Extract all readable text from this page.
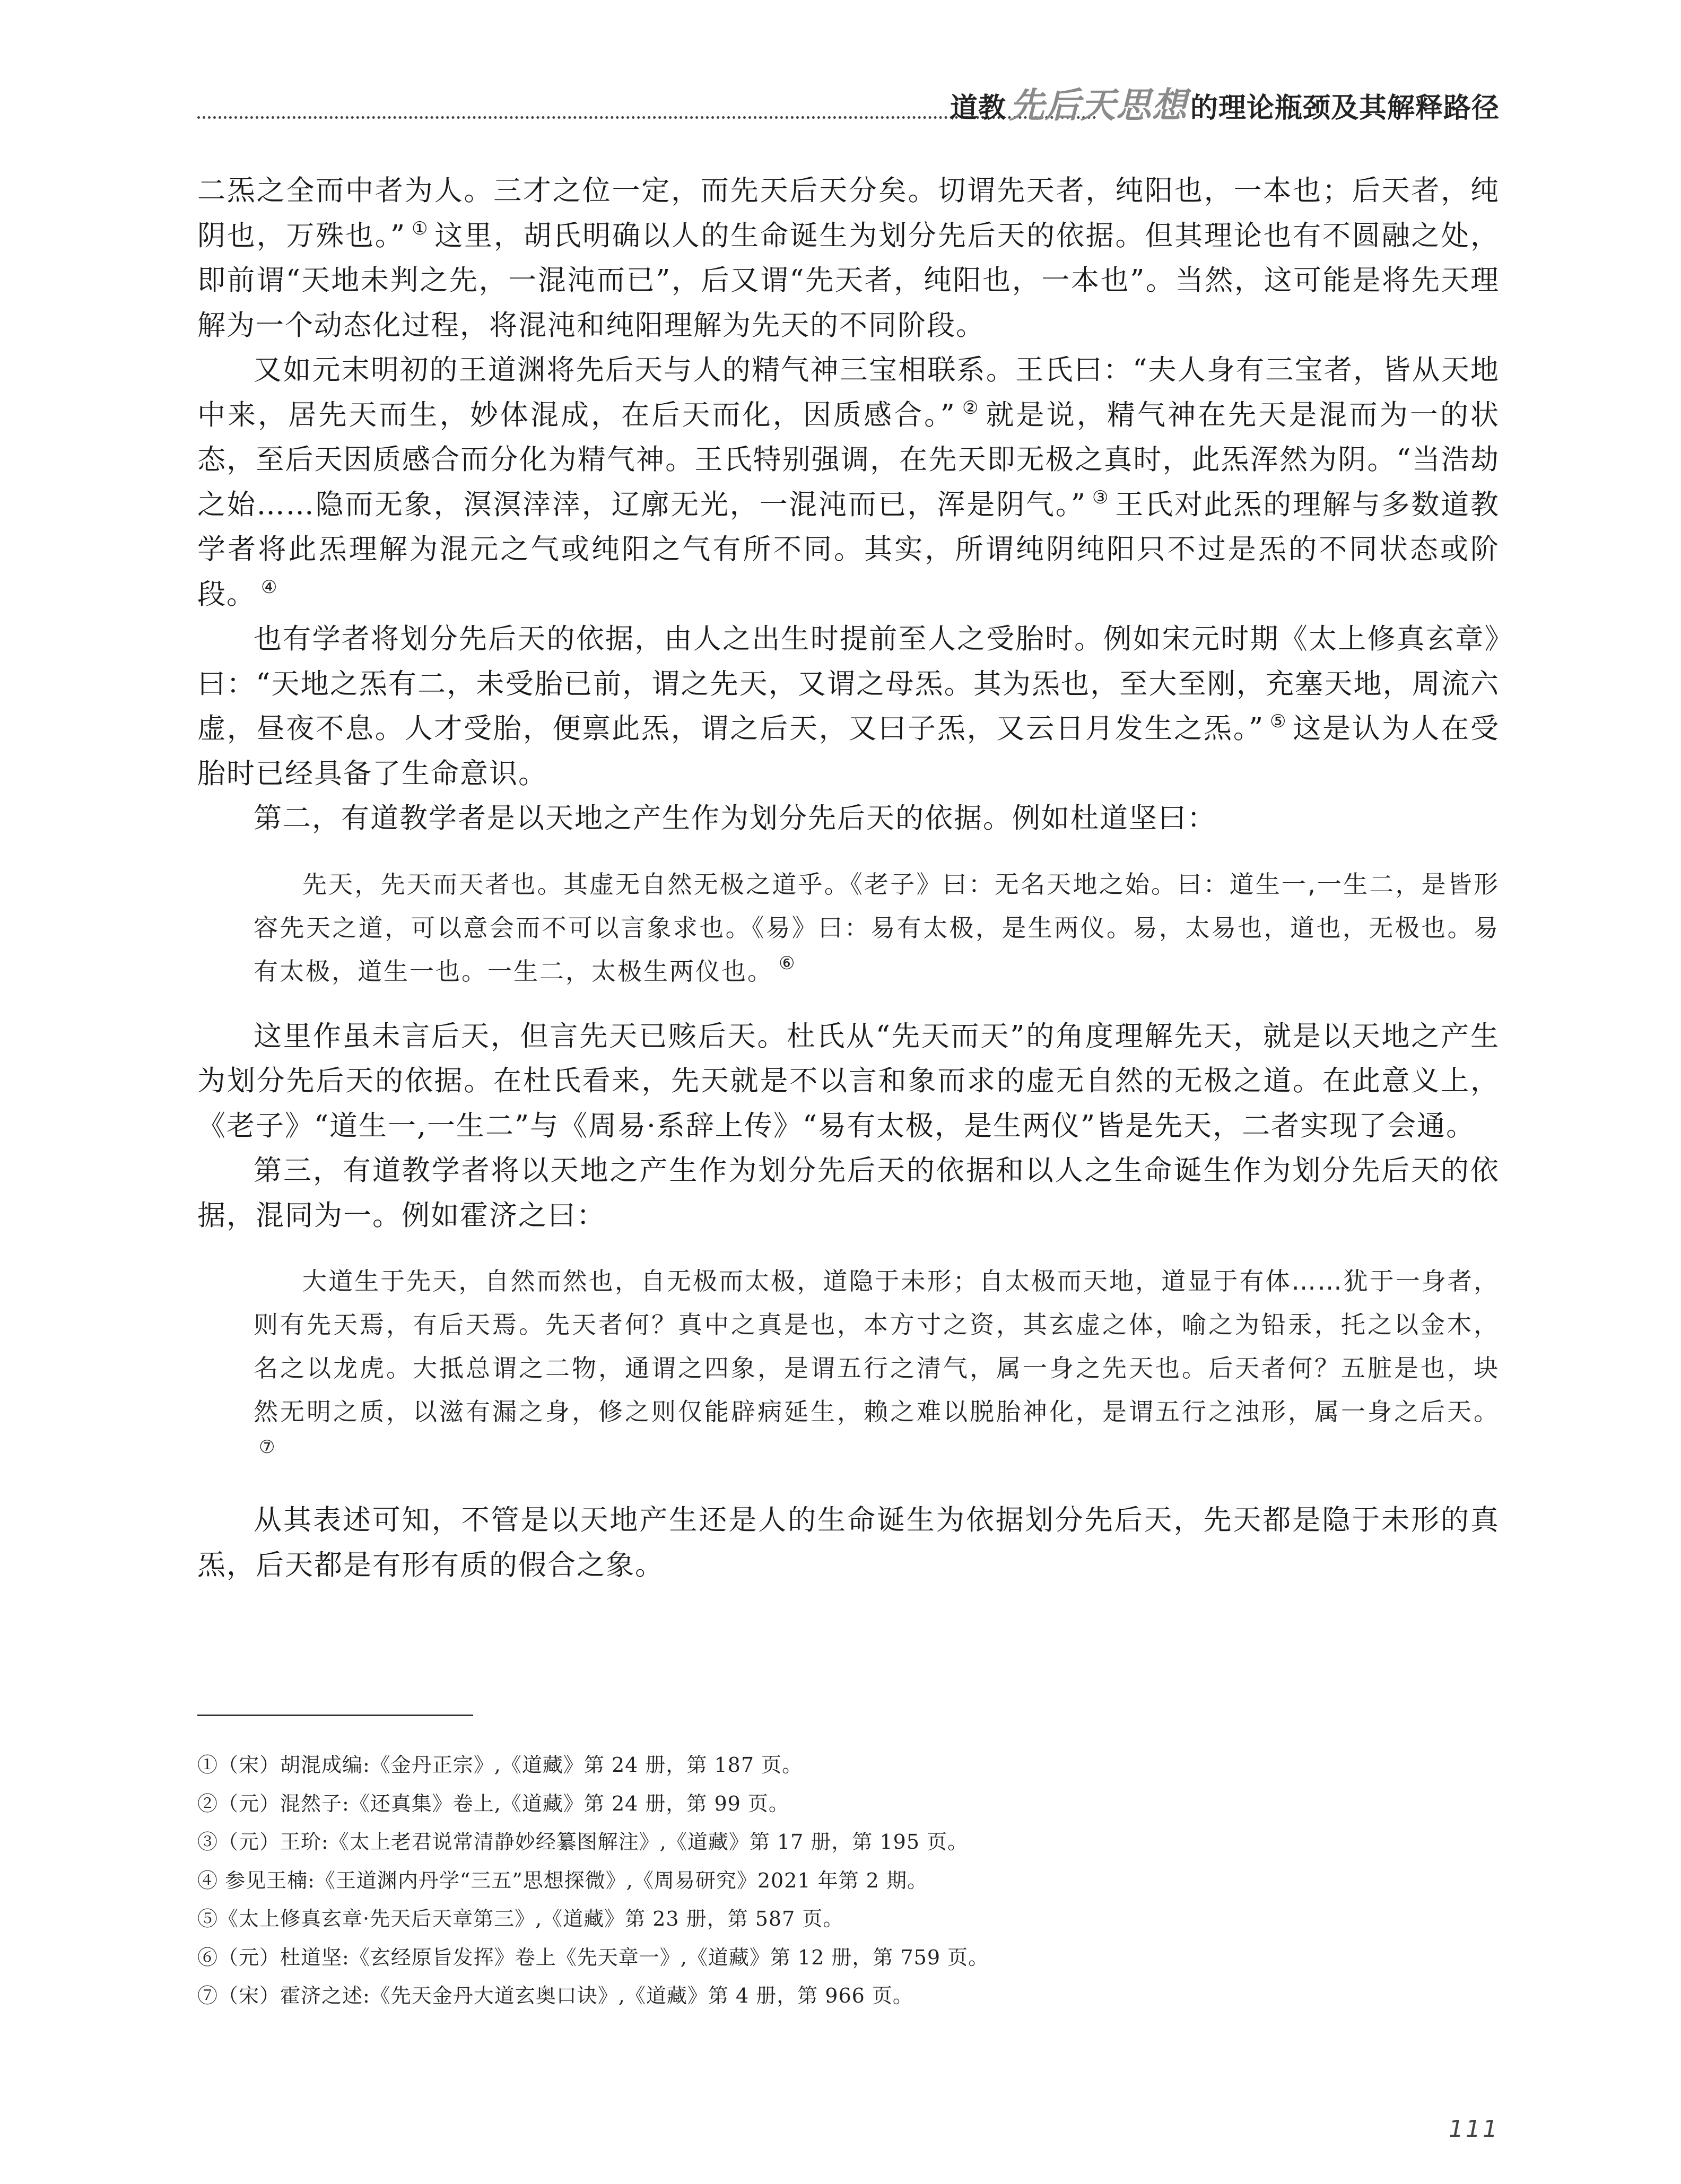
道教先后天思想 的理论瓶颈及其解释路径

二炁之全而中者为人。三才之位一定，而先天后天分矣。切谓先天者，纯阳也，一本也；后天者，纯阴也，万殊也。” ① 这里，胡氏明确以人的生命诞生为划分先后天的依据。但其理论也有不圆融之处，即前谓“天地未判之先，一混沌而已”，后又谓“先天者，纯阳也，一本也”。当然，这可能是将先天理解为一个动态化过程，将混沌和纯阳理解为先天的不同阶段。

又如元末明初的王道渊将先后天与人的精气神三宝相联系。王氏曰：“夫人身有三宝者，皆从天地中来，居先天而生，妙体混成，在后天而化，因质感合。” ② 就是说，精气神在先天是混而为一的状态，至后天因质感合而分化为精气神。王氏特别强调，在先天即无极之真时，此炁浑然为阴。“当浩劫之始……隐而无象，溟溟涬涬，辽廓无光，一混沌而已，浑是阴气。” ③ 王氏对此炁的理解与多数道教学者将此炁理解为混元之气或纯阳之气有所不同。其实，所谓纯阴纯阳只不过是炁的不同状态或阶段。 ④

也有学者将划分先后天的依据，由人之出生时提前至人之受胎时。例如宋元时期《太上修真玄章》曰：“天地之炁有二，未受胎已前，谓之先天，又谓之母炁。其为炁也，至大至刚，充塞天地，周流六虚，昼夜不息。人才受胎，便禀此炁，谓之后天，又曰子炁，又云日月发生之炁。” ⑤ 这是认为人在受胎时已经具备了生命意识。

第二，有道教学者是以天地之产生作为划分先后天的依据。例如杜道坚曰：

先天，先天而天者也。其虚无自然无极之道乎。《老子》曰：无名天地之始。曰：道生一,一生二，是皆形容先天之道，可以意会而不可以言象求也。《易》曰：易有太极，是生两仪。易，太易也，道也，无极也。易有太极，道生一也。一生二，太极生两仪也。 ⑥

这里作虽未言后天，但言先天已赅后天。杜氏从“先天而天”的角度理解先天，就是以天地之产生为划分先后天的依据。在杜氏看来，先天就是不以言和象而求的虚无自然的无极之道。在此意义上，《老子》“道生一,一生二”与《周易·系辞上传》“易有太极，是生两仪”皆是先天，二者实现了会通。

第三，有道教学者将以天地之产生作为划分先后天的依据和以人之生命诞生作为划分先后天的依据，混同为一。例如霍济之曰：

大道生于先天，自然而然也，自无极而太极，道隐于未形；自太极而天地，道显于有体……犹于一身者，则有先天焉，有后天焉。先天者何？真中之真是也，本方寸之资，其玄虚之体，喻之为铅汞，托之以金木，名之以龙虎。大抵总谓之二物，通谓之四象，是谓五行之清气，属一身之先天也。后天者何？五脏是也，块然无明之质，以滋有漏之身，修之则仅能辟病延生，赖之难以脱胎神化，是谓五行之浊形，属一身之后天。⑦

从其表述可知，不管是以天地产生还是人的生命诞生为依据划分先后天，先天都是隐于未形的真炁，后天都是有形有质的假合之象。

①（宋）胡混成编:《金丹正宗》,《道藏》第 24 册，第 187 页。
②（元）混然子:《还真集》卷上,《道藏》第 24 册，第 99 页。
③（元）王玠:《太上老君说常清静妙经纂图解注》,《道藏》第 17 册，第 195 页。
④ 参见王楠:《王道渊内丹学“三五”思想探微》,《周易研究》2021 年第 2 期。
⑤《太上修真玄章·先天后天章第三》,《道藏》第 23 册，第 587 页。
⑥（元）杜道坚:《玄经原旨发挥》卷上《先天章一》,《道藏》第 12 册，第 759 页。
⑦（宋）霍济之述:《先天金丹大道玄奥口诀》,《道藏》第 4 册，第 966 页。
111
